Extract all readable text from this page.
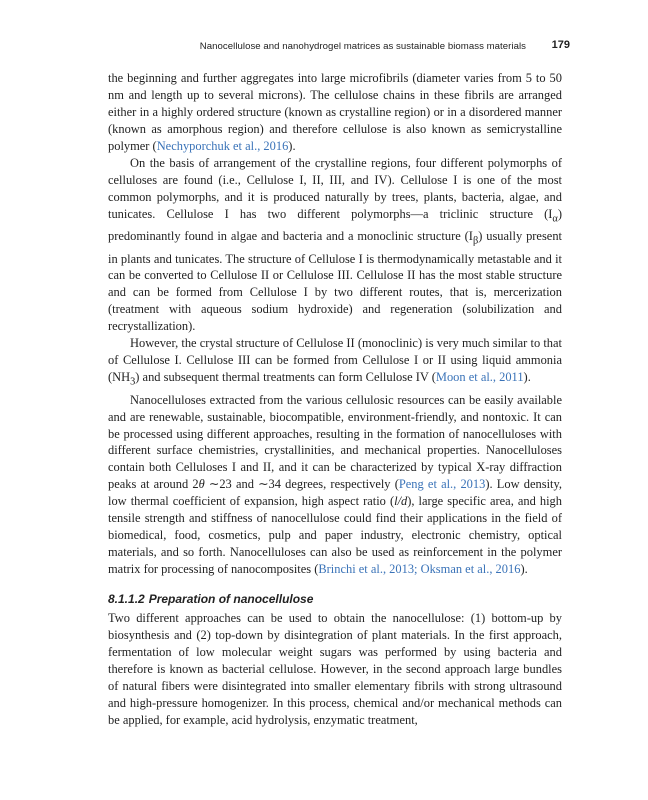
Nanocellulose and nanohydrogel matrices as sustainable biomass materials 179

the beginning and further aggregates into large microfibrils (diameter varies from 5 to 50 nm and length up to several microns). The cellulose chains in these fibrils are arranged either in a highly ordered structure (known as crystalline region) or in a disordered manner (known as amorphous region) and therefore cellulose is also known as semicrystalline polymer (Nechyporchuk et al., 2016).

On the basis of arrangement of the crystalline regions, four different polymorphs of celluloses are found (i.e., Cellulose I, II, III, and IV). Cellulose I is one of the most common polymorphs, and it is produced naturally by trees, plants, bacteria, algae, and tunicates. Cellulose I has two different polymorphs—a triclinic structure $(I_\alpha)$ predominantly found in algae and bacteria and a monoclinic structure $(I_\beta)$ usually present in plants and tunicates. The structure of Cellulose I is thermodynamically metastable and it can be converted to Cellulose II or Cellulose III. Cellulose II has the most stable structure and can be formed from Cellulose I by two different routes, that is, mercerization (treatment with aqueous sodium hydroxide) and regeneration (solubilization and recrystallization).

However, the crystal structure of Cellulose II (monoclinic) is very much similar to that of Cellulose I. Cellulose III can be formed from Cellulose I or II using liquid ammonia $(NH_3)$ and subsequent thermal treatments can form Cellulose IV (Moon et al., 2011).

Nanocelluloses extracted from the various cellulosic resources can be easily available and are renewable, sustainable, biocompatible, environment-friendly, and nontoxic. It can be processed using different approaches, resulting in the formation of nanocelluloses with different surface chemistries, crystallinities, and mechanical properties. Nanocelluloses contain both Celluloses I and II, and it can be characterized by typical X-ray diffraction peaks at around 2θ ∼23 and ∼34 degrees, respectively (Peng et al., 2013). Low density, low thermal coefficient of expansion, high aspect ratio (l/d), large specific area, and high tensile strength and stiffness of nanocellulose could find their applications in the field of biomedical, food, cosmetics, pulp and paper industry, electronic chemistry, optical materials, and so forth. Nanocelluloses can also be used as reinforcement in the polymer matrix for processing of nanocomposites (Brinchi et al., 2013; Oksman et al., 2016).

8.1.1.2 Preparation of nanocellulose

Two different approaches can be used to obtain the nanocellulose: (1) bottom-up by biosynthesis and (2) top-down by disintegration of plant materials. In the first approach, fermentation of low molecular weight sugars was performed by using bacteria and therefore is known as bacterial cellulose. However, in the second approach large bundles of natural fibers were disintegrated into smaller elementary fibrils with strong ultrasound and high-pressure homogenizer. In this process, chemical and/or mechanical methods can be applied, for example, acid hydrolysis, enzymatic treatment,
